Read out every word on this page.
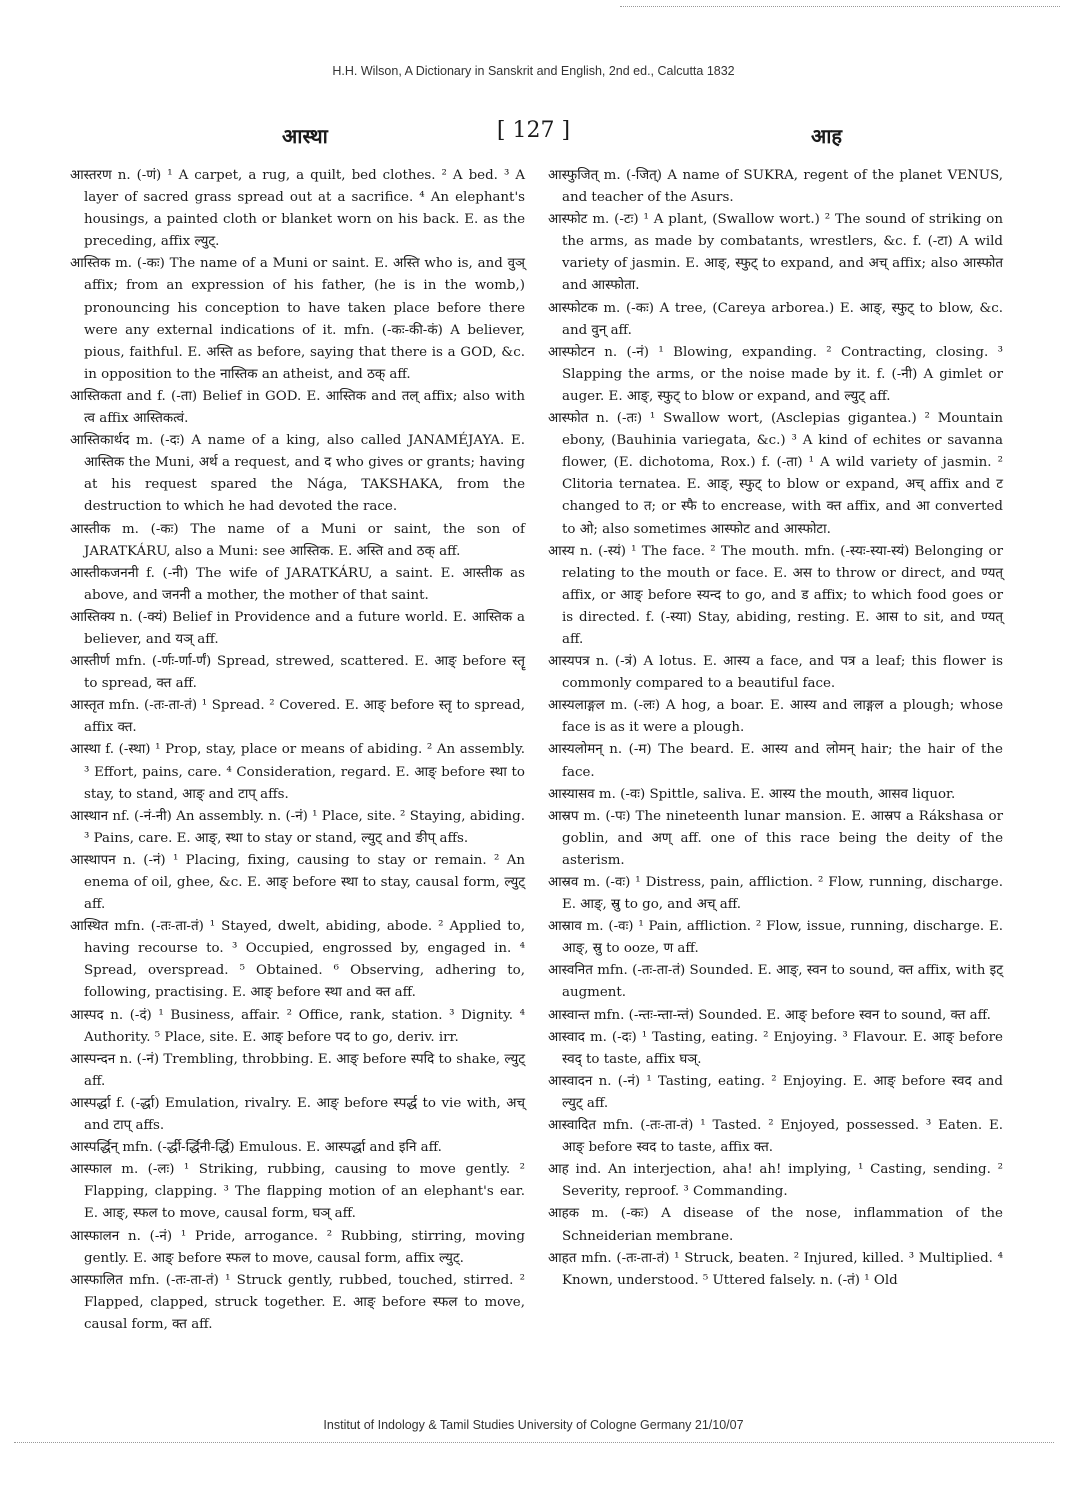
H.H. Wilson, A Dictionary in Sanskrit and English, 2nd ed., Calcutta 1832
आस्था	[ 127 ]	आह

आस्तरण n. (-णं) ¹ A carpet, a rug, a quilt, bed clothes. ² A bed. ³ A layer of sacred grass spread out at a sacrifice. ⁴ An elephant's housings, a painted cloth or blanket worn on his back. E. as the preceding, affix ल्युट्.

आस्तिक m. (-कः) The name of a Muni or saint. E. अस्ति who is, and वुञ् affix; from an expression of his father, (he is in the womb,) pronouncing his conception to have taken place before there were any external indications of it. mfn. (-कः-की-कं) A believer, pious, faithful. E. अस्ति as before, saying that there is a GOD, &c. in opposition to the नास्तिक an atheist, and ठक् aff.

आस्तिकता and f. (-ता) Belief in GOD. E. आस्तिक and तल् affix; also with त्व affix आस्तिकत्वं.

आस्तिकार्थद m. (-दः) A name of a king, also called JANAMÉJAYA. E. आस्तिक the Muni, अर्थ a request, and द who gives or grants; having at his request spared the Nága, TAKSHAKA, from the destruction to which he had devoted the race.

आस्तीक m. (-कः) The name of a Muni or saint, the son of JARATKÁRU, also a Muni: see आस्तिक. E. अस्ति and ठक् aff.

आस्तीकजननी f. (-नी) The wife of JARATKÁRU, a saint. E. आस्तीक as above, and जननी a mother, the mother of that saint.

आस्तिक्य n. (-क्यं) Belief in Providence and a future world. E. आस्तिक a believer, and यञ् aff.

आस्तीर्ण mfn. (-र्णः-र्णा-र्णं) Spread, strewed, scattered. E. आङ् before स्तॄ to spread, क्त aff.

आस्तृत mfn. (-तः-ता-तं) ¹ Spread. ² Covered. E. आङ् before स्तृ to spread, affix क्त.

आस्था f. (-स्था) ¹ Prop, stay, place or means of abiding. ² An assembly. ³ Effort, pains, care. ⁴ Consideration, regard. E. आङ् before स्था to stay, to stand, आङ् and टाप् affs.

आस्थान nf. (-नं-नी) An assembly. n. (-नं) ¹ Place, site. ² Staying, abiding. ³ Pains, care. E. आङ्, स्था to stay or stand, ल्युट् and ङीप् affs.

आस्थापन n. (-नं) ¹ Placing, fixing, causing to stay or remain. ² An enema of oil, ghee, &c. E. आङ् before स्था to stay, causal form, ल्युट् aff.

आस्थित mfn. (-तः-ता-तं) ¹ Stayed, dwelt, abiding, abode. ² Applied to, having recourse to. ³ Occupied, engrossed by, engaged in. ⁴ Spread, overspread. ⁵ Obtained. ⁶ Observing, adhering to, following, practising. E. आङ् before स्था and क्त aff.

आस्पद n. (-दं) ¹ Business, affair. ² Office, rank, station. ³ Dignity. ⁴ Authority. ⁵ Place, site. E. आङ् before पद to go, deriv. irr.

आस्पन्दन n. (-नं) Trembling, throbbing. E. आङ् before स्पदि to shake, ल्युट् aff.

आस्पर्द्धा f. (-र्द्धा) Emulation, rivalry. E. आङ् before स्पर्द्ध to vie with, अच् and टाप् affs.

आस्पर्द्धिन् mfn. (-र्द्धी-र्द्धिनी-र्द्धि) Emulous. E. आस्पर्द्धा and इनि aff.

आस्फाल m. (-लः) ¹ Striking, rubbing, causing to move gently. ² Flapping, clapping. ³ The flapping motion of an elephant's ear. E. आङ्, स्फल to move, causal form, घञ् aff.

आस्फालन n. (-नं) ¹ Pride, arrogance. ² Rubbing, stirring, moving gently. E. आङ् before स्फल to move, causal form, affix ल्युट्.

आस्फालित mfn. (-तः-ता-तं) ¹ Struck gently, rubbed, touched, stirred. ² Flapped, clapped, struck together. E. आङ् before स्फल to move, causal form, क्त aff.

आस्फुजित् m. (-जित्) A name of SUKRA, regent of the planet VENUS, and teacher of the Asurs.

आस्फोट m. (-टः) ¹ A plant, (Swallow wort.) ² The sound of striking on the arms, as made by combatants, wrestlers, &c. f. (-टा) A wild variety of jasmin. E. आङ्, स्फुट् to expand, and अच् affix; also आस्फोत and आस्फोता.

आस्फोटक m. (-कः) A tree, (Careya arborea.) E. आङ्, स्फुट् to blow, &c. and वुन् aff.

आस्फोटन n. (-नं) ¹ Blowing, expanding. ² Contracting, closing. ³ Slapping the arms, or the noise made by it. f. (-नी) A gimlet or auger. E. आङ्, स्फुट् to blow or expand, and ल्युट् aff.

आस्फोत n. (-तः) ¹ Swallow wort, (Asclepias gigantea.) ² Mountain ebony, (Bauhinia variegata, &c.) ³ A kind of echites or savanna flower, (E. dichotoma, Rox.) f. (-ता) ¹ A wild variety of jasmin. ² Clitoria ternatea. E. आङ्, स्फुट् to blow or expand, अच् affix and ट changed to त; or स्फै to encrease, with क्त affix, and आ converted to ओ; also sometimes आस्फोट and आस्फोटा.

आस्य n. (-स्यं) ¹ The face. ² The mouth. mfn. (-स्यः-स्या-स्यं) Belonging or relating to the mouth or face. E. अस to throw or direct, and ण्यत् affix, or आङ् before स्यन्द to go, and ड affix; to which food goes or is directed. f. (-स्या) Stay, abiding, resting. E. आस to sit, and ण्यत् aff.

आस्यपत्र n. (-त्रं) A lotus. E. आस्य a face, and पत्र a leaf; this flower is commonly compared to a beautiful face.

आस्यलाङ्गल m. (-लः) A hog, a boar. E. आस्य and लाङ्गल a plough; whose face is as it were a plough.

आस्यलोमन् n. (-म) The beard. E. आस्य and लोमन् hair; the hair of the face.

आस्यासव m. (-वः) Spittle, saliva. E. आस्य the mouth, आसव liquor.

आस्रप m. (-पः) The nineteenth lunar mansion. E. आस्रप a Rákshasa or goblin, and अण् aff. one of this race being the deity of the asterism.

आस्रव m. (-वः) ¹ Distress, pain, affliction. ² Flow, running, discharge. E. आङ्, स्रु to go, and अच् aff.

आस्राव m. (-वः) ¹ Pain, affliction. ² Flow, issue, running, discharge. E. आङ्, स्रु to ooze, ण aff.

आस्वनित mfn. (-तः-ता-तं) Sounded. E. आङ्, स्वन to sound, क्त affix, with इट् augment.

आस्वान्त mfn. (-न्तः-न्ता-न्तं) Sounded. E. आङ् before स्वन to sound, क्त aff.

आस्वाद m. (-दः) ¹ Tasting, eating. ² Enjoying. ³ Flavour. E. आङ् before स्वद् to taste, affix घञ्.

आस्वादन n. (-नं) ¹ Tasting, eating. ² Enjoying. E. आङ् before स्वद and ल्युट् aff.

आस्वादित mfn. (-तः-ता-तं) ¹ Tasted. ² Enjoyed, possessed. ³ Eaten. E. आङ् before स्वद to taste, affix क्त.

आह ind. An interjection, aha! ah! implying, ¹ Casting, sending. ² Severity, reproof. ³ Commanding.

आहक m. (-कः) A disease of the nose, inflammation of the Schneiderian membrane.

आहत mfn. (-तः-ता-तं) ¹ Struck, beaten. ² Injured, killed. ³ Multiplied. ⁴ Known, understood. ⁵ Uttered falsely. n. (-तं) ¹ Old

Institut of Indology & Tamil Studies University of Cologne Germany 21/10/07
